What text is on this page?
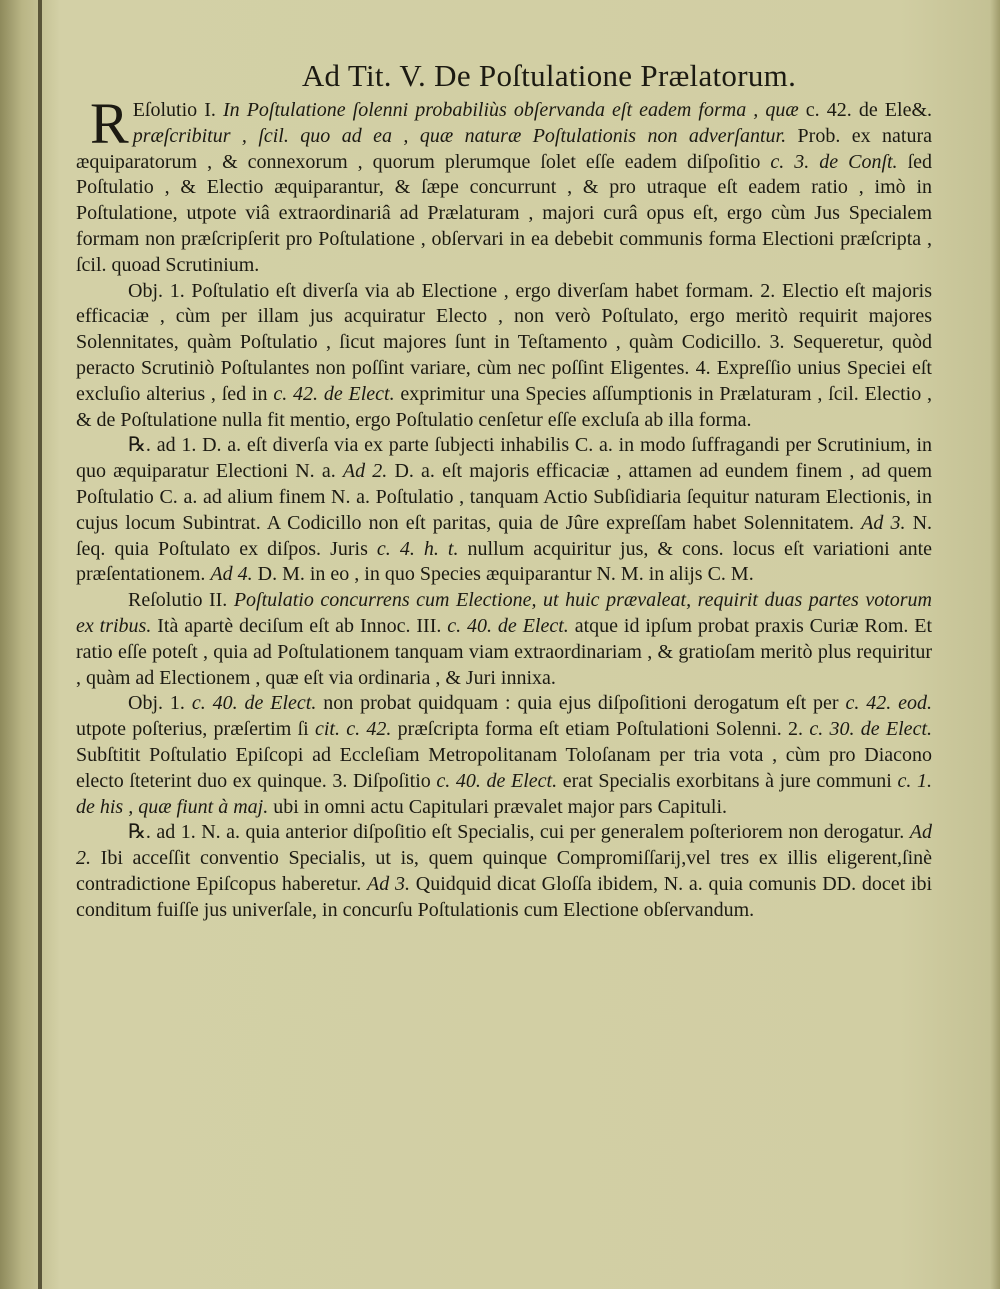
Ad Tit. V. De Poſtulatione Prælatorum.

R Eſolutio I. In Poſtulatione ſolenni probabiliùs obſervanda eſt eadem forma , quæ c. 42. de Ele&. præſcribitur , ſcil. quo ad ea , quæ naturæ Poſtulationis non adverſantur. Prob. ex natura æquiparatorum , & connexorum , quorum plerumque ſolet eſſe eadem diſpoſitio c. 3. de Conſt. ſed Poſtulatio , & Electio æquiparantur, & ſæpe concurrunt , & pro utraque eſt eadem ratio , imò in Poſtulatione, utpote viâ extraordinariâ ad Prælaturam , majori curâ opus eſt, ergo cùm Jus Specialem formam non præſcripſerit pro Poſtulatione , obſervari in ea debebit communis forma Electioni præſcripta , ſcil. quoad Scrutinium.

Obj. 1. Poſtulatio eſt diverſa via ab Electione , ergo diverſam habet formam. 2. Electio eſt majoris efficaciæ , cùm per illam jus acquiratur Electo , non verò Poſtulato, ergo meritò requirit majores Solennitates, quàm Poſtulatio , ſicut majores ſunt in Teſtamento , quàm Codicillo. 3. Sequeretur, quòd peracto Scrutiniò Poſtulantes non poſſint variare, cùm nec poſſint Eligentes. 4. Expreſſio unius Speciei eſt excluſio alterius , ſed in c. 42. de Elect. exprimitur una Species aſſumptionis in Prælaturam , ſcil. Electio , & de Poſtulatione nulla fit mentio, ergo Poſtulatio cenſetur eſſe excluſa ab illa forma.

℞. ad 1. D. a. eſt diverſa via ex parte ſubjecti inhabilis C. a. in modo ſuffragandi per Scrutinium, in quo æquiparatur Electioni N. a. Ad 2. D. a. eſt majoris efficaciæ , attamen ad eundem finem , ad quem Poſtulatio C. a. ad alium finem N. a. Poſtulatio , tanquam Actio Subſidiaria ſequitur naturam Electionis, in cujus locum Subintrat. A Codicillo non eſt paritas, quia de Jûre expreſſam habet Solennitatem. Ad 3. N. ſeq. quia Poſtulato ex diſpos. Juris c. 4. h. t. nullum acquiritur jus, & cons. locus eſt variationi ante præſentationem. Ad 4. D. M. in eo , in quo Species æquiparantur N. M. in alijs C. M.

Reſolutio II. Poſtulatio concurrens cum Electione, ut huic prævaleat, requirit duas partes votorum ex tribus. Ità apartè deciſum eſt ab Innoc. III. c. 40. de Elect. atque id ipſum probat praxis Curiæ Rom. Et ratio eſſe poteſt , quia ad Poſtulationem tanquam viam extraordinariam , & gratioſam meritò plus requiritur , quàm ad Electionem , quæ eſt via ordinaria , & Juri innixa.

Obj. 1. c. 40. de Elect. non probat quidquam : quia ejus diſpoſitioni derogatum eſt per c. 42. eod. utpote poſterius, præſertim ſi cit. c. 42. præſcripta forma eſt etiam Poſtulationi Solenni. 2. c. 30. de Elect. Subſtitit Poſtulatio Epiſcopi ad Eccleſiam Metropolitanam Toloſanam per tria vota , cùm pro Diacono electo ſteterint duo ex quinque. 3. Diſpoſitio c. 40. de Elect. erat Specialis exorbitans à jure communi c. 1. de his , quæ fiunt à maj. ubi in omni actu Capitulari prævalet major pars Capituli.

℞. ad 1. N. a. quia anterior diſpoſitio eſt Specialis, cui per generalem poſteriorem non derogatur. Ad 2. Ibi acceſſit conventio Specialis, ut is, quem quinque Compromiſſarij,vel tres ex illis eligerent,ſinè contradictione Epiſcopus haberetur. Ad 3. Quidquid dicat Gloſſa ibidem, N. a. quia comunis DD. docet ibi conditum fuiſſe jus univerſale, in concurſu Poſtulationis cum Electione obſervandum.
